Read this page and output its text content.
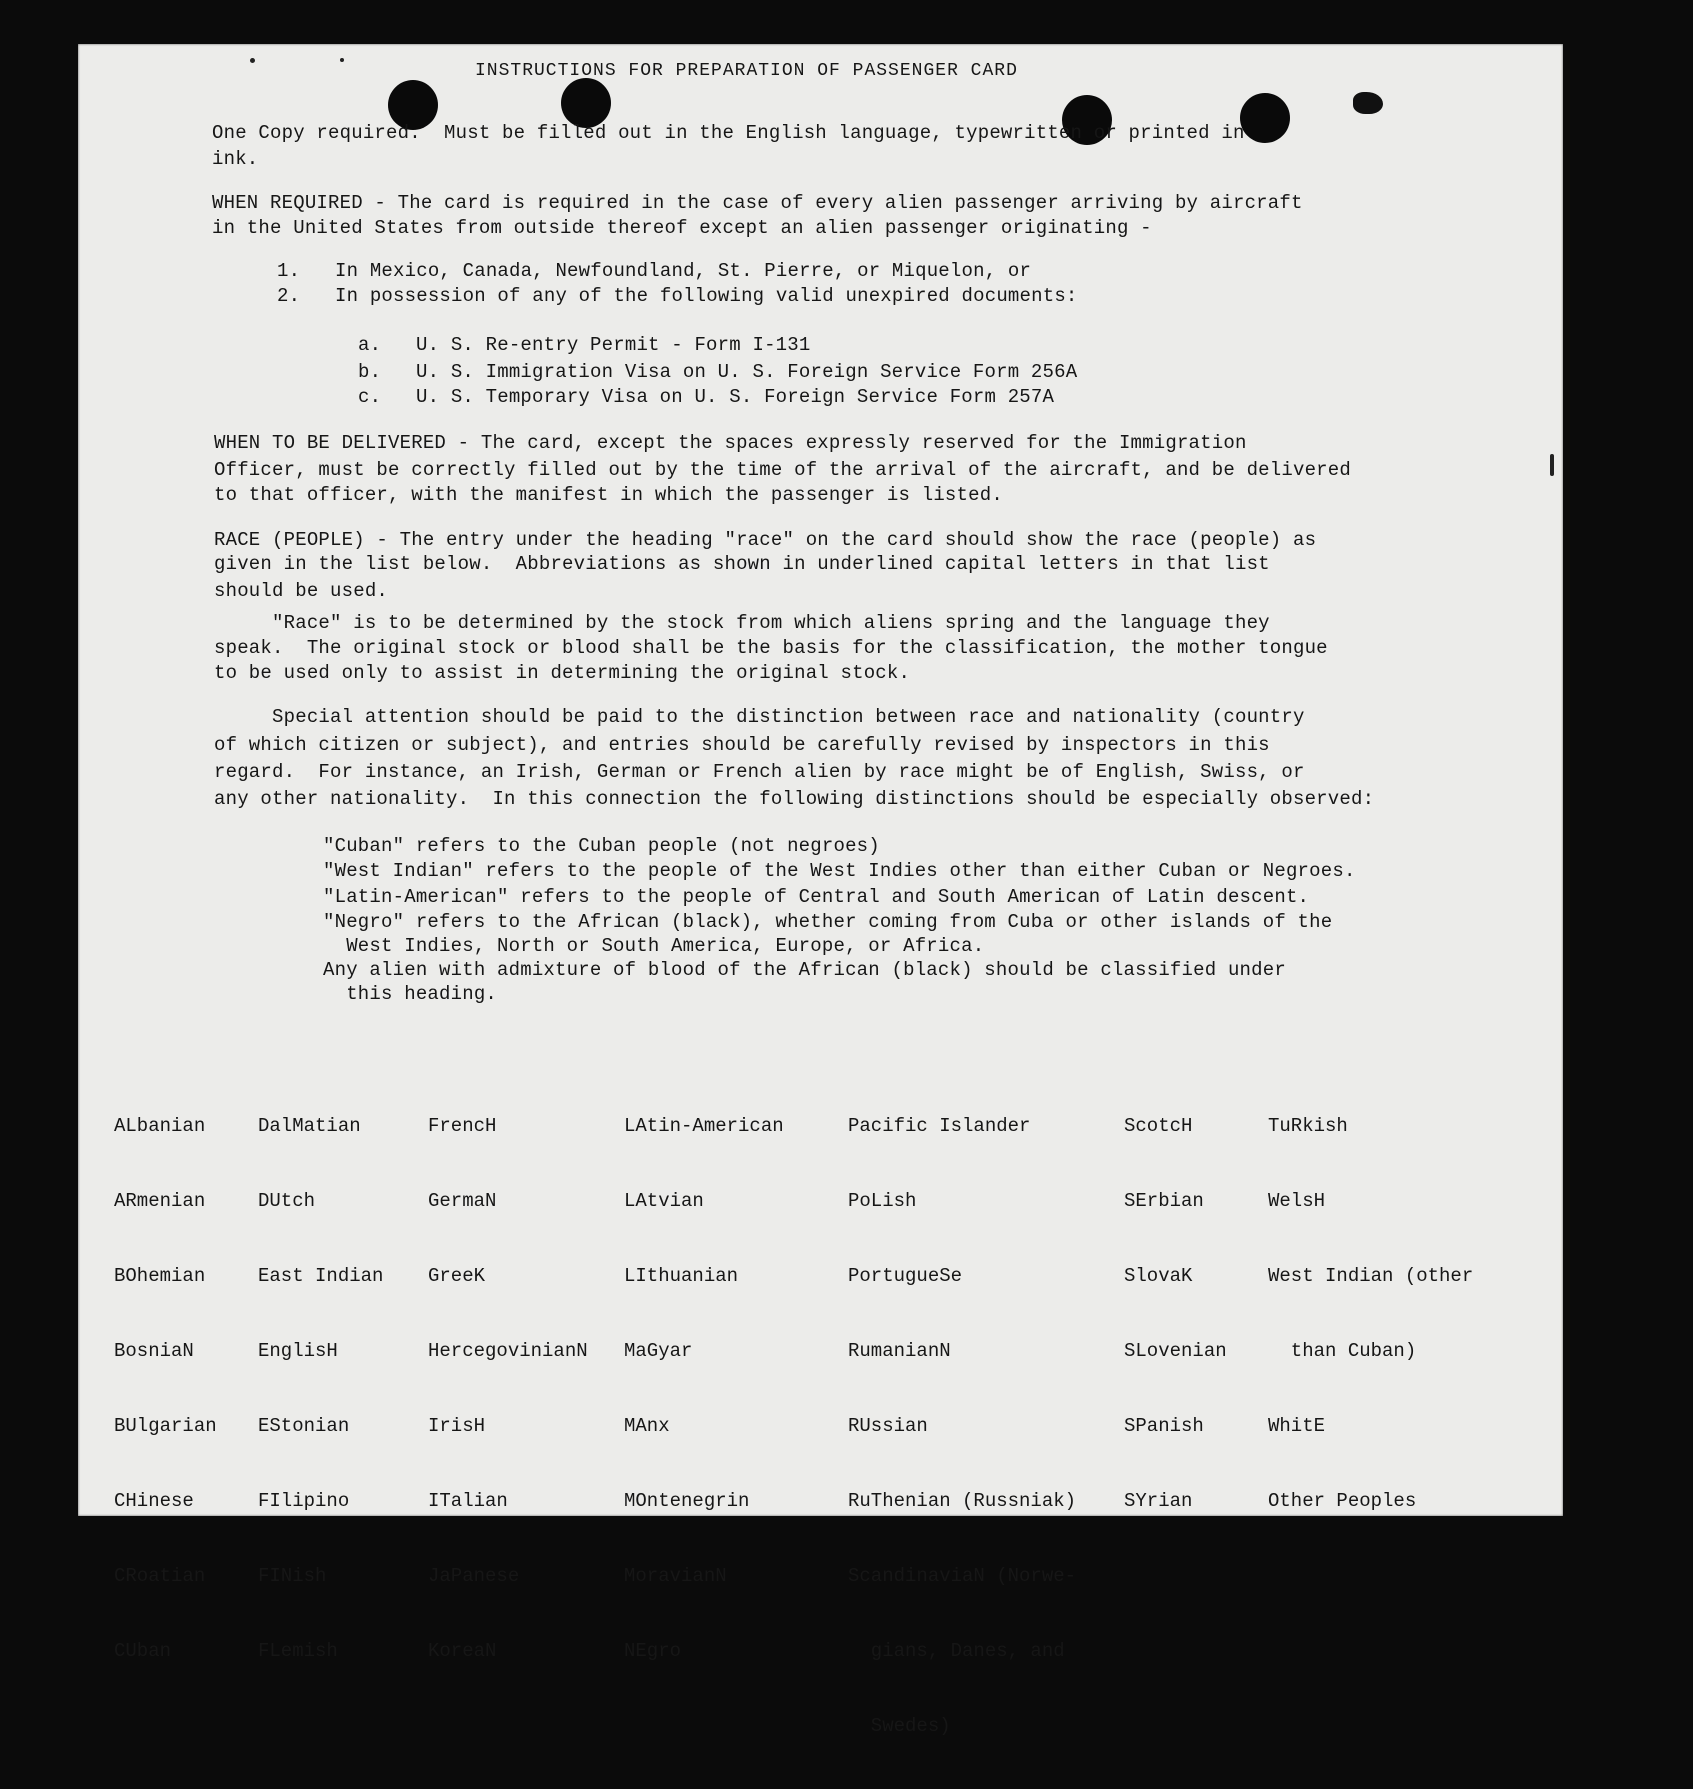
INSTRUCTIONS FOR PREPARATION OF PASSENGER CARD
One Copy required.  Must be filled out in the English language, typewritten or printed in
ink.
WHEN REQUIRED - The card is required in the case of every alien passenger arriving by aircraft
in the United States from outside thereof except an alien passenger originating -
1.   In Mexico, Canada, Newfoundland, St. Pierre, or Miquelon, or
2.   In possession of any of the following valid unexpired documents:
a.   U. S. Re-entry Permit - Form I-131
b.   U. S. Immigration Visa on U. S. Foreign Service Form 256A
c.   U. S. Temporary Visa on U. S. Foreign Service Form 257A
WHEN TO BE DELIVERED - The card, except the spaces expressly reserved for the Immigration
Officer, must be correctly filled out by the time of the arrival of the aircraft, and be delivered
to that officer, with the manifest in which the passenger is listed.
RACE (PEOPLE) - The entry under the heading "race" on the card should show the race (people) as
given in the list below.  Abbreviations as shown in underlined capital letters in that list
should be used.
"Race" is to be determined by the stock from which aliens spring and the language they
speak.  The original stock or blood shall be the basis for the classification, the mother tongue
to be used only to assist in determining the original stock.
Special attention should be paid to the distinction between race and nationality (country
of which citizen or subject), and entries should be carefully revised by inspectors in this
regard.  For instance, an Irish, German or French alien by race might be of English, Swiss, or
any other nationality.  In this connection the following distinctions should be especially observed:
"Cuban" refers to the Cuban people (not negroes)
"West Indian" refers to the people of the West Indies other than either Cuban or Negroes.
"Latin-American" refers to the people of Central and South American of Latin descent.
"Negro" refers to the African (black), whether coming from Cuba or other islands of the
West Indies, North or South America, Europe, or Africa.
Any alien with admixture of blood of the African (black) should be classified under
this heading.

ALbanian

ARmenian

BOhemian

BosniaN

BUlgarian

CHinese

CRoatian

CUban

DalMatian

DUtch

East Indian

EnglisH

EStonian

FIlipino

FINish

FLemish

FrencH

GermaN

GreeK

HercegovinianN

IrisH

ITalian

JaPanese

KoreaN

LAtin-American

LAtvian

LIthuanian

MaGyar

MAnx

MOntenegrin

MoravianN

NEgro

Pacific Islander

PoLish

PortugueSe

RumanianN

RUssian

RuThenian (Russniak)

ScandinaviaN (Norwe-

gians, Danes, and

Swedes)

ScotcH

SErbian

SlovaK

SLovenian

SPanish

SYrian

TuRkish

WelsH

West Indian (other

than Cuban)

WhitE

Other Peoples
